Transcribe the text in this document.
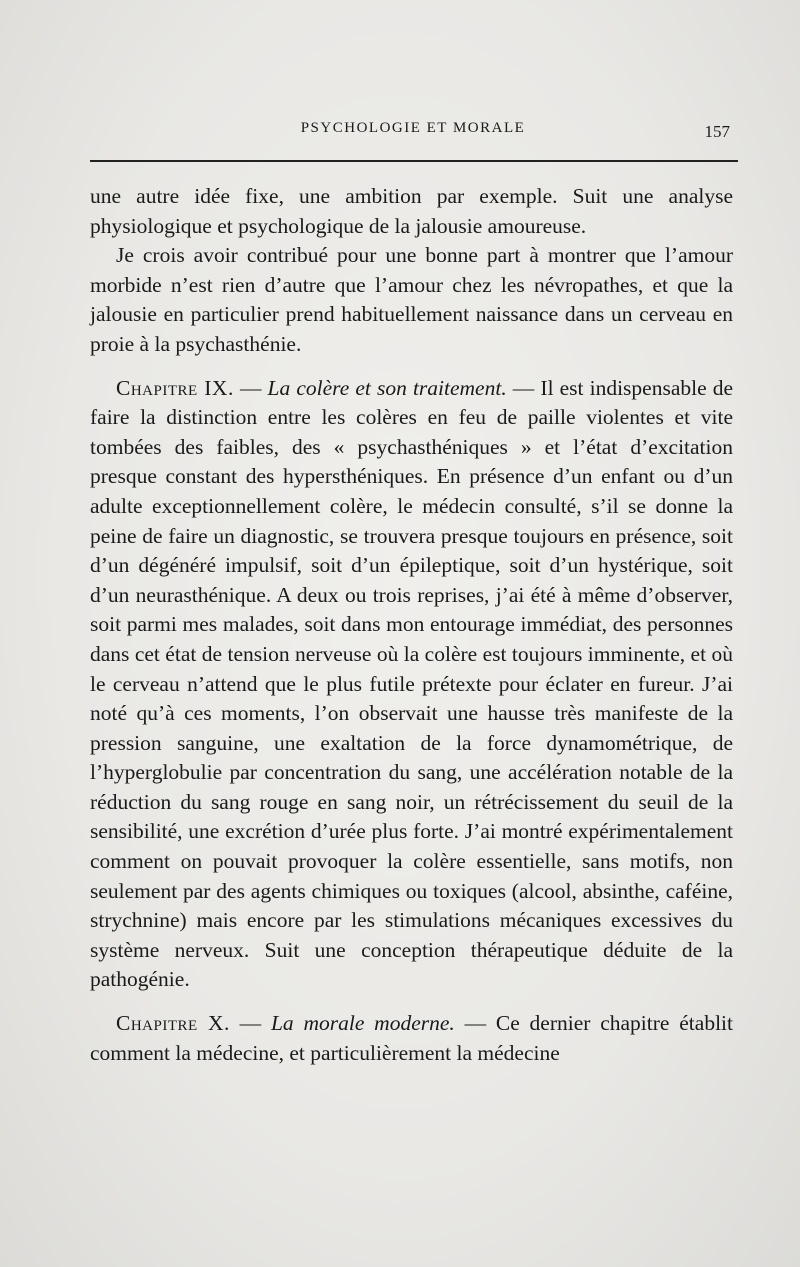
PSYCHOLOGIE ET MORALE	157

une autre idée fixe, une ambition par exemple. Suit une analyse physiologique et psychologique de la jalousie amoureuse.

Je crois avoir contribué pour une bonne part à montrer que l’amour morbide n’est rien d’autre que l’amour chez les névropathes, et que la jalousie en particulier prend habituellement naissance dans un cerveau en proie à la psychasthénie.

Chapitre IX. — La colère et son traitement. — Il est indispensable de faire la distinction entre les colères en feu de paille violentes et vite tombées des faibles, des « psychasthéniques » et l’état d’excitation presque constant des hypersthéniques. En présence d’un enfant ou d’un adulte exceptionnellement colère, le médecin consulté, s’il se donne la peine de faire un diagnostic, se trouvera presque toujours en présence, soit d’un dégénéré impulsif, soit d’un épileptique, soit d’un hystérique, soit d’un neurasthénique. A deux ou trois reprises, j’ai été à même d’observer, soit parmi mes malades, soit dans mon entourage immédiat, des personnes dans cet état de tension nerveuse où la colère est toujours imminente, et où le cerveau n’attend que le plus futile prétexte pour éclater en fureur. J’ai noté qu’à ces moments, l’on observait une hausse très manifeste de la pression sanguine, une exaltation de la force dynamométrique, de l’hyperglobulie par concentration du sang, une accélération notable de la réduction du sang rouge en sang noir, un rétrécissement du seuil de la sensibilité, une excrétion d’urée plus forte. J’ai montré expérimentalement comment on pouvait provoquer la colère essentielle, sans motifs, non seulement par des agents chimiques ou toxiques (alcool, absinthe, caféine, strychnine) mais encore par les stimulations mécaniques excessives du système nerveux. Suit une conception thérapeutique déduite de la pathogénie.

Chapitre X. — La morale moderne. — Ce dernier chapitre établit comment la médecine, et particulièrement la médecine
